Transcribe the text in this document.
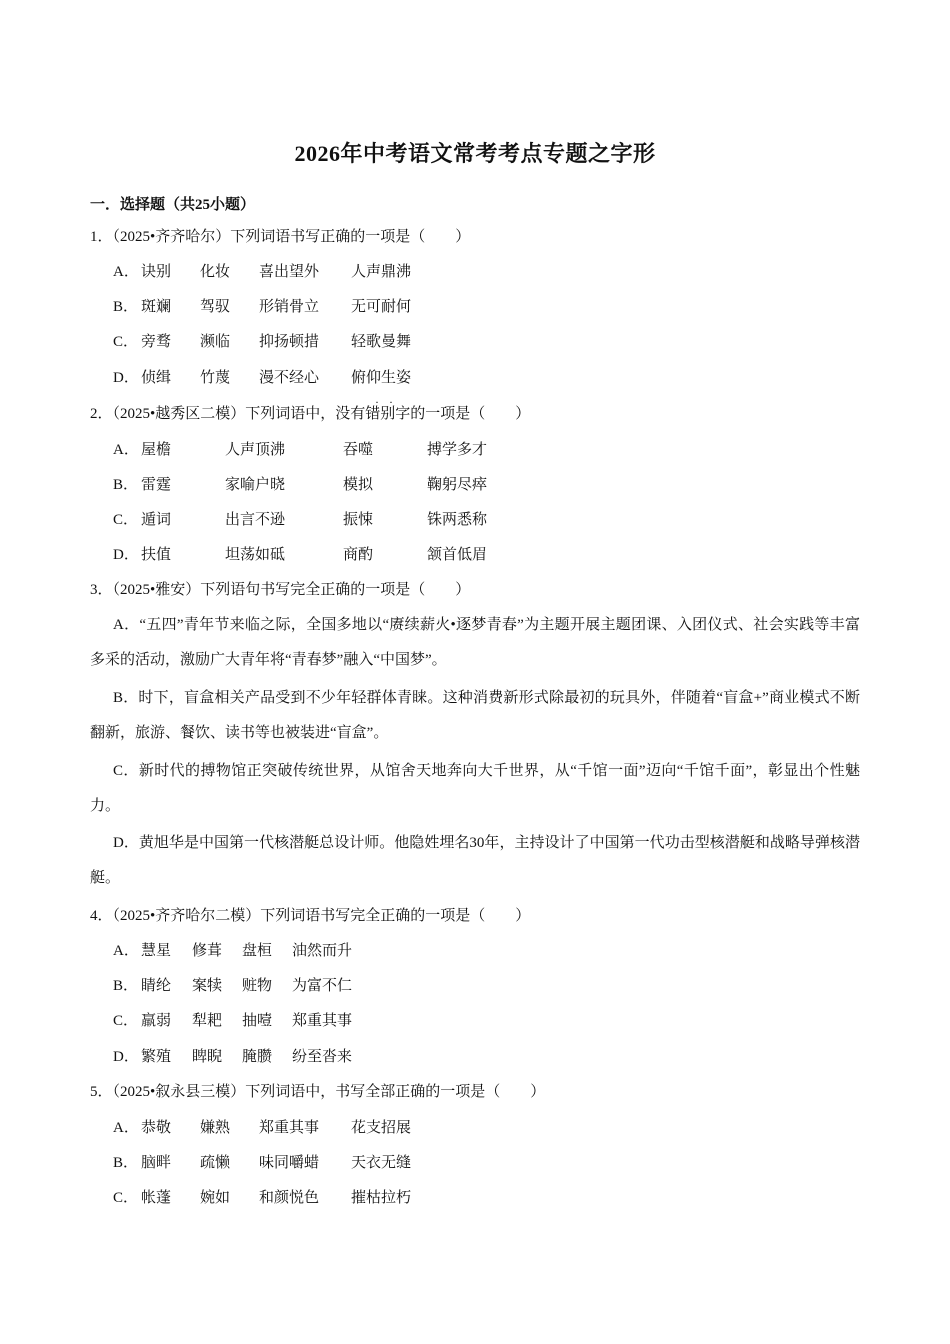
2026年中考语文常考考点专题之字形
一．选择题（共25小题）
1．（2025•齐齐哈尔）下列词语书写正确的一项是（　　）
A． 诀别 化妆 喜出望外 人声鼎沸
B． 斑斓 驾驭 形销骨立 无可耐何
C． 旁骛 濒临 抑扬顿措 轻歌曼舞
D． 侦缉 竹蔑 漫不经心 俯仰生姿
··
2．（2025•越秀区二模）下列词语中，没有错别字的一项是（　　）
A． 屋檐	人声顶沸	吞噬	搏学多才
B． 雷霆	家喻户晓	模拟	鞠躬尽瘁
C． 遁词	出言不逊	振悚	铢两悉称
D． 扶值	坦荡如砥	商酌	颔首低眉
3．（2025•雅安）下列语句书写完全正确的一项是（　　）
A．“五四”青年节来临之际，全国多地以“赓续薪火•逐梦青春”为主题开展主题团课、入团仪式、社会实践等丰富多采的活动，激励广大青年将“青春梦”融入“中国梦”。
B．时下，盲盒相关产品受到不少年轻群体青睐。这种消费新形式除最初的玩具外，伴随着“盲盒+”商业模式不断翻新，旅游、餐饮、读书等也被装进“盲盒”。
C．新时代的搏物馆正突破传统世界，从馆舍天地奔向大千世界，从“千馆一面”迈向“千馆千面”，彰显出个性魅力。
D．黄旭华是中国第一代核潜艇总设计师。他隐姓埋名30年，主持设计了中国第一代功击型核潜艇和战略导弹核潜艇。
4．（2025•齐齐哈尔二模）下列词语书写完全正确的一项是（　　）
A． 慧星 修葺 盘桓 油然而升
B． 睛纶 案犊 赃物 为富不仁
C． 羸弱 犁耙 抽噎 郑重其事
D． 繁殖 睥睨 腌臜 纷至沓来
5．（2025•叙永县三模）下列词语中，书写全部正确的一项是（　　）
A． 恭敬 嫌熟 郑重其事 花支招展
B． 脑畔 疏懒 味同嚼蜡 天衣无缝
C． 帐蓬 婉如 和颜悦色 摧枯拉朽
